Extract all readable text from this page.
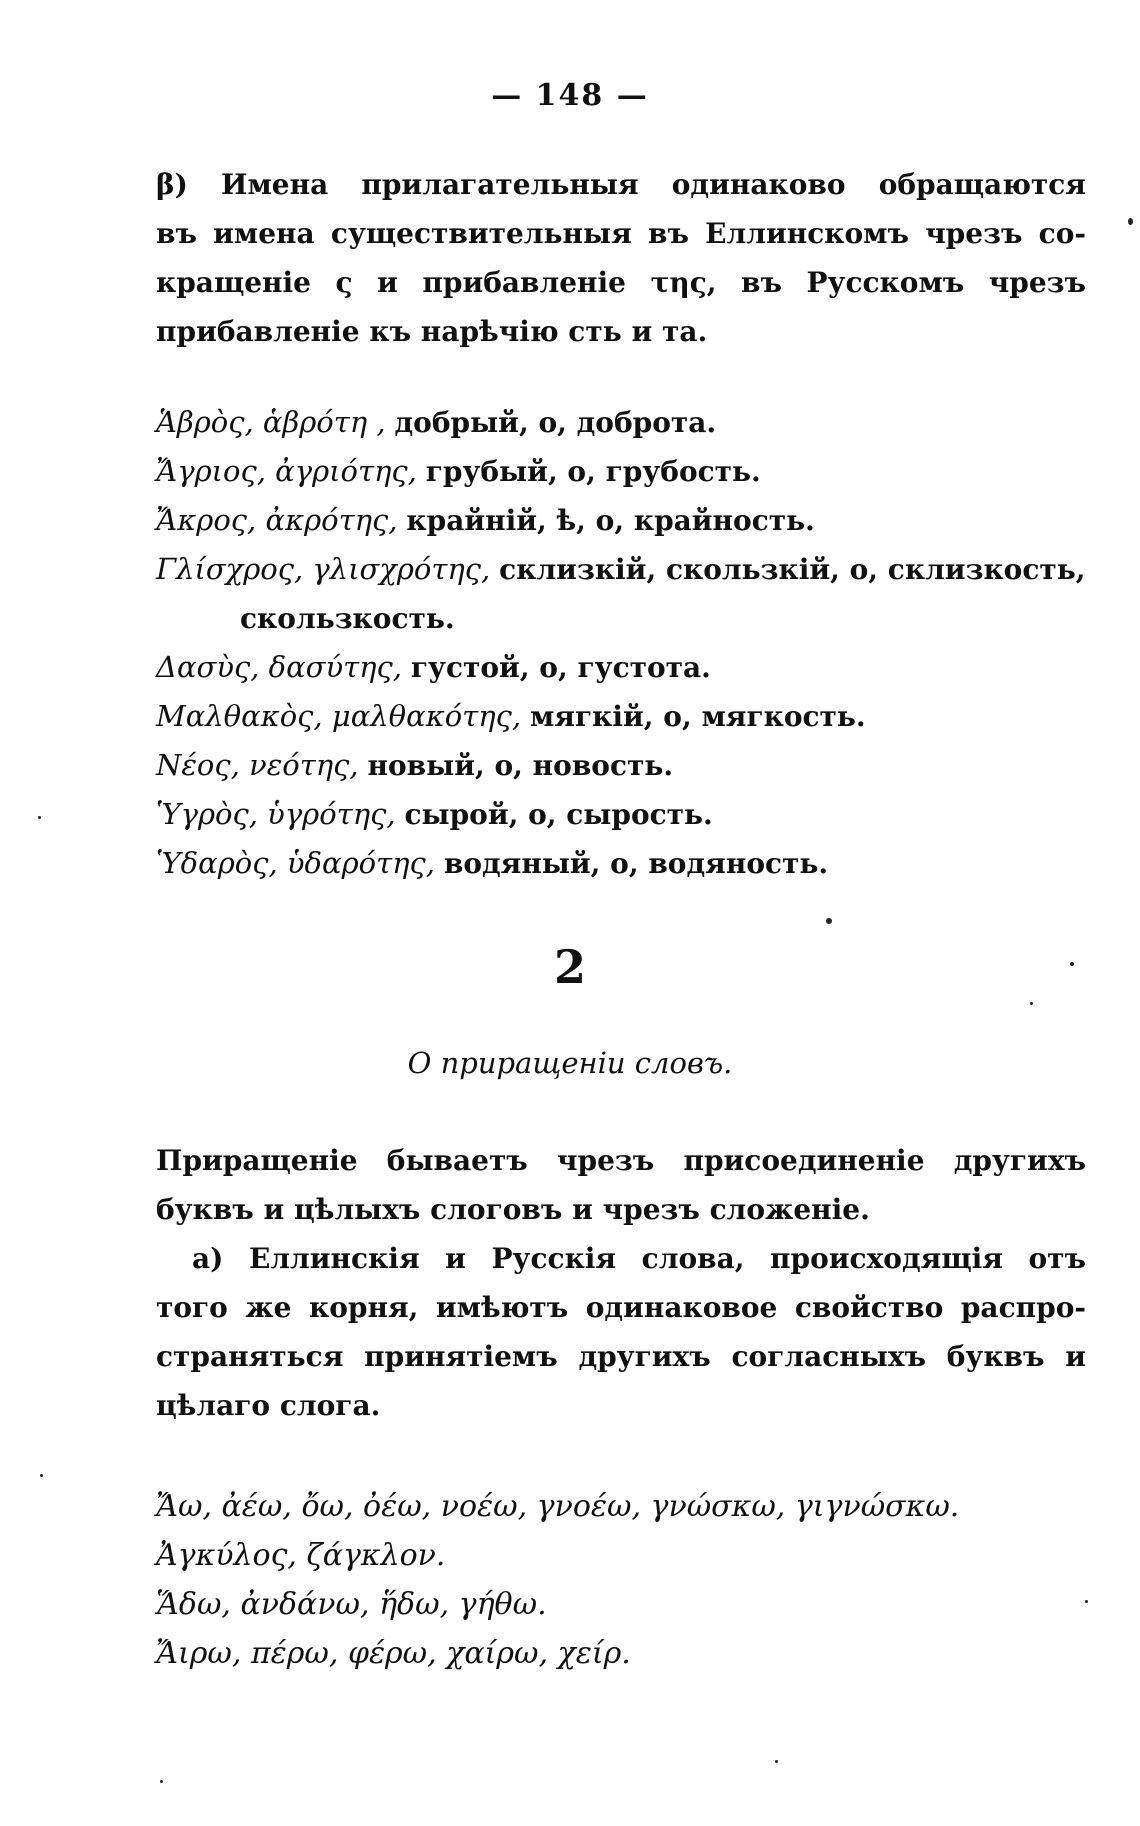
— 148 —
β) Имена прилагательныя одинаково обращаются
въ имена существительныя въ Еллинскомъ чрезъ со-
кращеніе ς и прибавленіе της, въ Русскомъ чрезъ
прибавленіе къ нарѣчію сть и та.
Ἁβρὸς, ἁβρότη , добрый, о, доброта.
Ἄγριος, ἀγριότης, грубый, о, грубость.
Ἄκρος, ἀκρότης, крайній, ѣ, о, крайность.
Γλίσχρος, γλισχρότης, склизкій, скользкій, о, склизкость,
скользкость.
Δασὺς, δασύτης, густой, о, густота.
Μαλθακὸς, μαλθακότης, мягкій, о, мягкость.
Νέος, νεότης, новый, о, новость.
Ὑγρὸς, ὑγρότης, сырой, о, сырость.
Ὑδαρὸς, ὑδαρότης, водяный, о, водяность.
2
О приращеніи словъ.
Приращеніе бываетъ чрезъ присоединеніе другихъ
буквъ и цѣлыхъ слоговъ и чрезъ сложеніе.
а) Еллинскія и Русскія слова, происходящія отъ
того же корня, имѣютъ одинаковое свойство распро-
страняться принятіемъ другихъ согласныхъ буквъ и
цѣлаго слога.
Ἄω, ἀέω, ὄω, ὀέω, νοέω, γνοέω, γνώσκω, γιγνώσκω.
Ἀγκύλος, ζάγκλον.
Ἅδω, ἀνδάνω, ἥδω, γήθω.
Ἄιρω, πέρω, φέρω, χαίρω, χείρ.
